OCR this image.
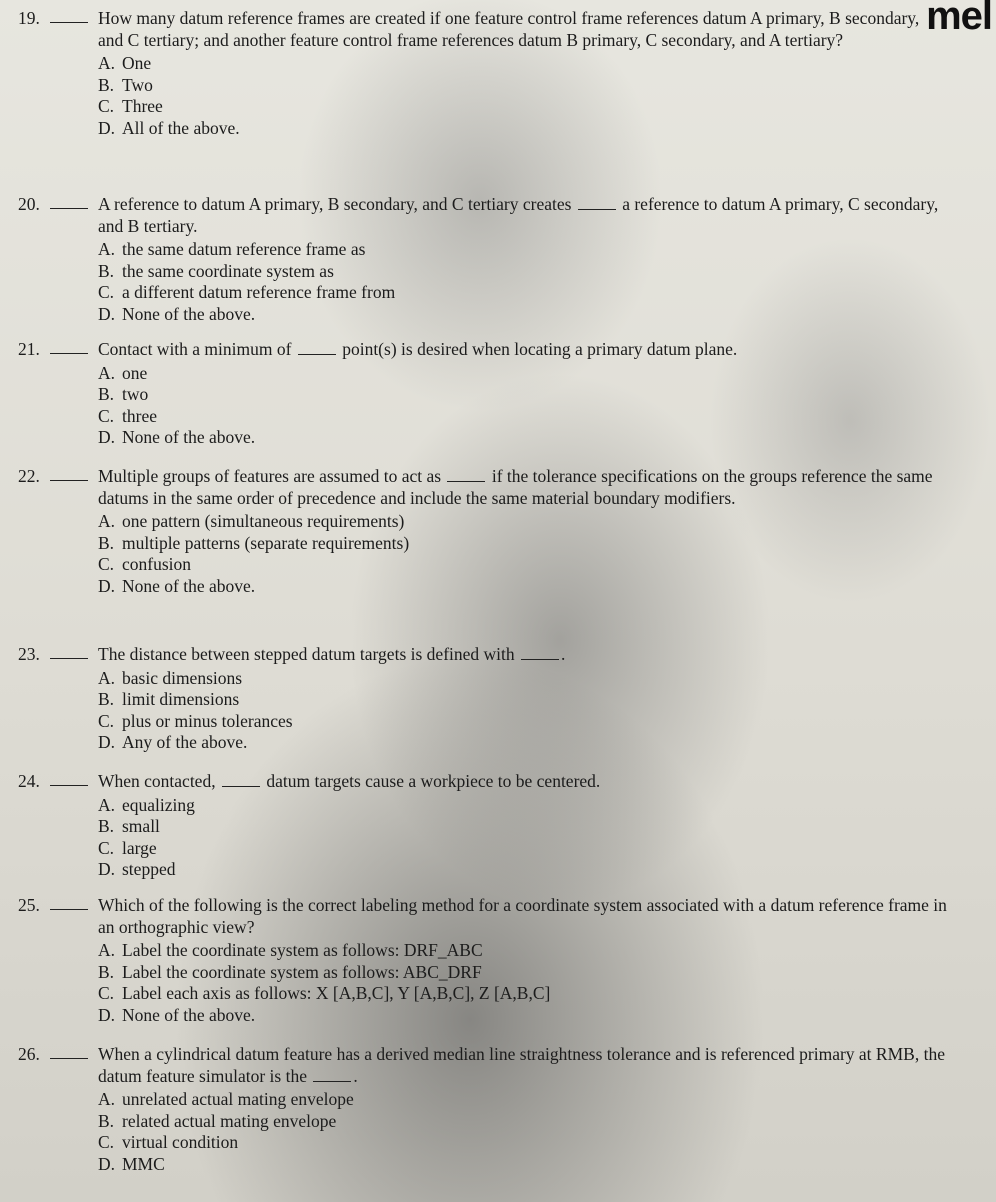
mel
19.	How many datum reference frames are created if one feature control frame references datum A primary, B secondary, and C tertiary; and another feature control frame references datum B primary, C secondary, and A tertiary?
A. One
B. Two
C. Three
D. All of the above.
20.	A reference to datum A primary, B secondary, and C tertiary creates	a reference to datum A primary, C secondary, and B tertiary.
A. the same datum reference frame as
B. the same coordinate system as
C. a different datum reference frame from
D. None of the above.
21.	Contact with a minimum of	point(s) is desired when locating a primary datum plane.
A. one
B. two
C. three
D. None of the above.
22.	Multiple groups of features are assumed to act as	if the tolerance specifications on the groups reference the same datums in the same order of precedence and include the same material boundary modifiers.
A. one pattern (simultaneous requirements)
B. multiple patterns (separate requirements)
C. confusion
D. None of the above.
23.	The distance between stepped datum targets is defined with	.
A. basic dimensions
B. limit dimensions
C. plus or minus tolerances
D. Any of the above.
24.	When contacted,	datum targets cause a workpiece to be centered.
A. equalizing
B. small
C. large
D. stepped
25.	Which of the following is the correct labeling method for a coordinate system associated with a datum reference frame in an orthographic view?
A. Label the coordinate system as follows: DRF_ABC
B. Label the coordinate system as follows: ABC_DRF
C. Label each axis as follows: X [A,B,C], Y [A,B,C], Z [A,B,C]
D. None of the above.
26.	When a cylindrical datum feature has a derived median line straightness tolerance and is referenced primary at RMB, the datum feature simulator is the	.
A. unrelated actual mating envelope
B. related actual mating envelope
C. virtual condition
D. MMC
